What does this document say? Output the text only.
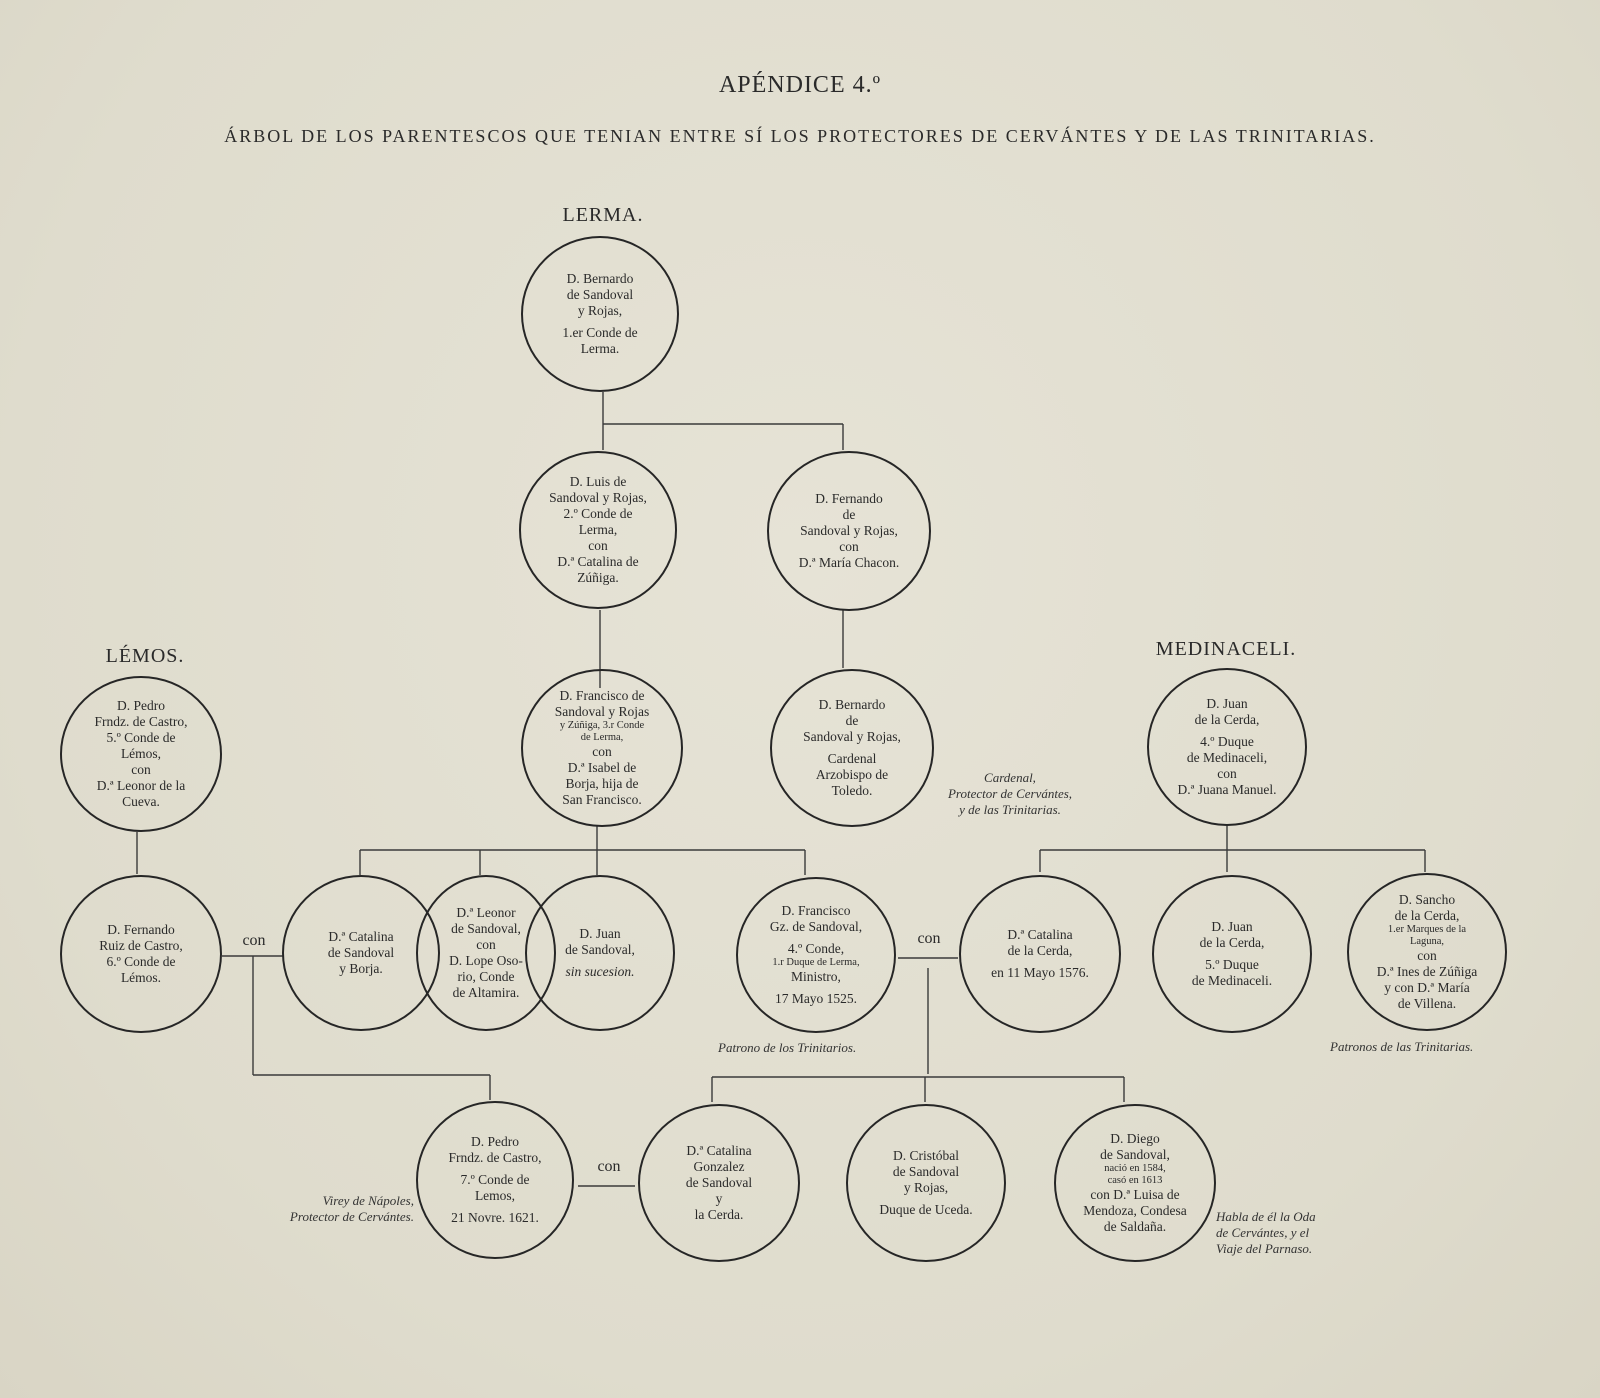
APÉNDICE 4.º
ÁRBOL DE LOS PARENTESCOS QUE TENIAN ENTRE SÍ LOS PROTECTORES DE CERVÁNTES Y DE LAS TRINITARIAS.
LERMA.
LÉMOS.	MEDINACELI.
D. Bernardo
de Sandoval
y Rojas,
1.er Conde de
Lerma.
D. Luis de
Sandoval y Rojas,
2.º Conde de
Lerma,
con
D.ª Catalina de
Zúñiga.
D. Fernando
de
Sandoval y Rojas,
con
D.ª María Chacon.
D. Francisco de
Sandoval y Rojas
y Zúñiga, 3.r Conde
de Lerma,
con
D.ª Isabel de
Borja, hija de
San Francisco.
D. Bernardo
de
Sandoval y Rojas,
Cardenal
Arzobispo de
Toledo.
D. Juan
de la Cerda,
4.º Duque
de Medinaceli,
con
D.ª Juana Manuel.
D. Pedro
Frndz. de Castro,
5.º Conde de
Lémos,
con
D.ª Leonor de la
Cueva.
D. Fernando
Ruiz de Castro,
6.º Conde de
Lémos.
con	D.ª Catalina
de Sandoval
y Borja.
D.ª Leonor
de Sandoval,
con
D. Lope Oso-
rio, Conde
de Altamira.
D. Juan
de Sandoval,
sin sucesion.
D. Francisco
Gz. de Sandoval,
4.º Conde,
1.r Duque de Lerma,
Ministro,
17 Mayo 1525.
con	D.ª Catalina
de la Cerda,
en 11 Mayo 1576.
D. Juan
de la Cerda,
5.º Duque
de Medinaceli.
D. Sancho
de la Cerda,
1.er Marques de la
Laguna,
con
D.ª Ines de Zúñiga
y con D.ª María
de Villena.
D. Pedro
Frndz. de Castro,
7.º Conde de
Lemos,
21 Novre. 1621.
con
D.ª Catalina
Gonzalez
de Sandoval
y
la Cerda.
D. Cristóbal
de Sandoval
y Rojas,
Duque de Uceda.
D. Diego
de Sandoval,
nació en 1584,
casó en 1613
con D.ª Luisa de
Mendoza, Condesa
de Saldaña.
Cardenal,
Protector de Cervántes,
y de las Trinitarias.
Patrono de los Trinitarios.	Patronos de las Trinitarias.
Virey de Nápoles,
Protector de Cervántes.	Habla de él la Oda
de Cervántes, y el
Viaje del Parnaso.
